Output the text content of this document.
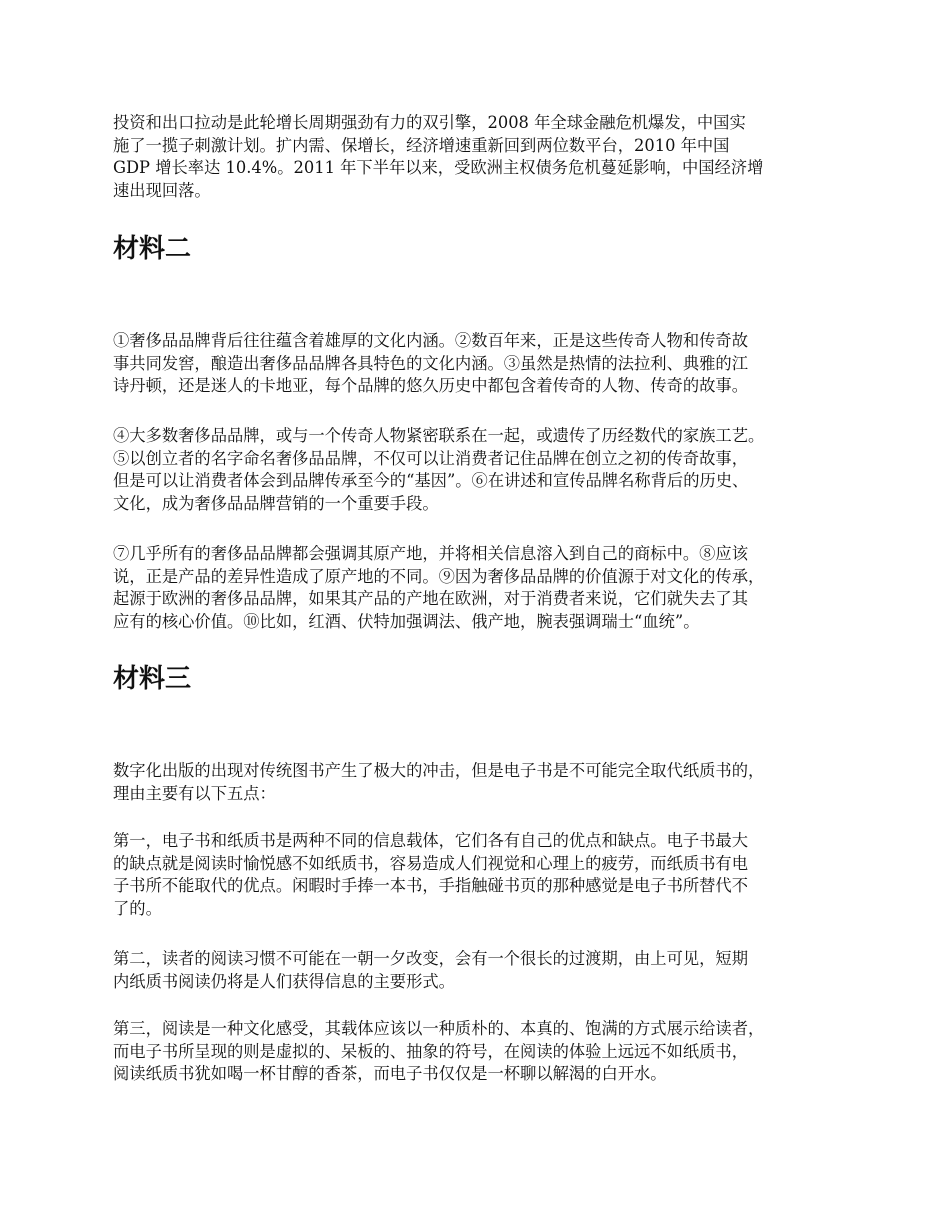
投资和出口拉动是此轮增长周期强劲有力的双引擎，2008 年全球金融危机爆发，中国实
施了一揽子刺激计划。扩内需、保增长，经济增速重新回到两位数平台，2010 年中国
GDP 增长率达 10.4%。2011 年下半年以来，受欧洲主权债务危机蔓延影响，中国经济增
速出现回落。
材料二
①奢侈品品牌背后往往蕴含着雄厚的文化内涵。②数百年来，正是这些传奇人物和传奇故
事共同发窖，酿造出奢侈品品牌各具特色的文化内涵。③虽然是热情的法拉利、典雅的江
诗丹顿，还是迷人的卡地亚，每个品牌的悠久历史中都包含着传奇的人物、传奇的故事。
④大多数奢侈品品牌，或与一个传奇人物紧密联系在一起，或遗传了历经数代的家族工艺。
⑤以创立者的名字命名奢侈品品牌，不仅可以让消费者记住品牌在创立之初的传奇故事，
但是可以让消费者体会到品牌传承至今的“基因”。⑥在讲述和宣传品牌名称背后的历史、
文化，成为奢侈品品牌营销的一个重要手段。
⑦几乎所有的奢侈品品牌都会强调其原产地，并将相关信息溶入到自己的商标中。⑧应该
说，正是产品的差异性造成了原产地的不同。⑨因为奢侈品品牌的价值源于对文化的传承，
起源于欧洲的奢侈品品牌，如果其产品的产地在欧洲，对于消费者来说，它们就失去了其
应有的核心价值。⑩比如，红酒、伏特加强调法、俄产地，腕表强调瑞士“血统”。
材料三
数字化出版的出现对传统图书产生了极大的冲击，但是电子书是不可能完全取代纸质书的，
理由主要有以下五点：
第一，电子书和纸质书是两种不同的信息载体，它们各有自己的优点和缺点。电子书最大
的缺点就是阅读时愉悦感不如纸质书，容易造成人们视觉和心理上的疲劳，而纸质书有电
子书所不能取代的优点。闲暇时手捧一本书，手指触碰书页的那种感觉是电子书所替代不
了的。
第二，读者的阅读习惯不可能在一朝一夕改变，会有一个很长的过渡期，由上可见，短期
内纸质书阅读仍将是人们获得信息的主要形式。
第三，阅读是一种文化感受，其载体应该以一种质朴的、本真的、饱满的方式展示给读者，
而电子书所呈现的则是虚拟的、呆板的、抽象的符号，在阅读的体验上远远不如纸质书，
阅读纸质书犹如喝一杯甘醇的香茶，而电子书仅仅是一杯聊以解渴的白开水。
